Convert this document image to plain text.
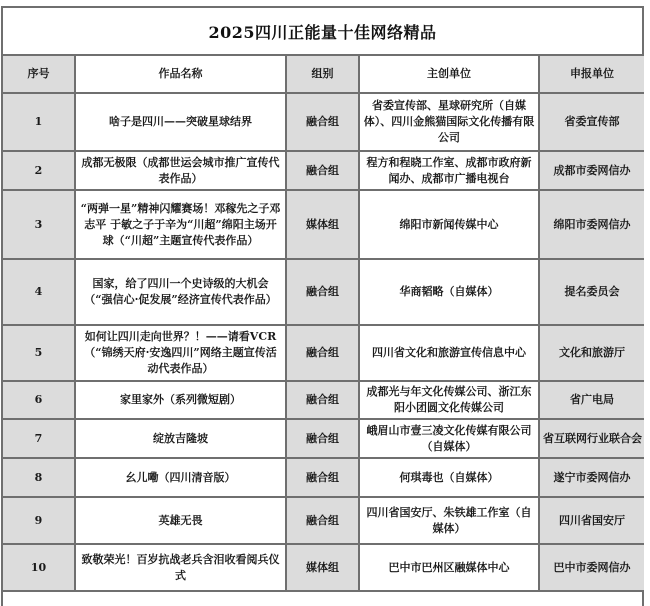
2025四川正能量十佳网络精品
序号	作品名称	组别	主创单位	申报单位
1	啥子是四川——突破星球结界	融合组	省委宣传部、星球研究所（自媒体）、四川金熊猫国际文化传播有限公司	省委宣传部
2	成都无极限（成都世运会城市推广宣传代表作品）	融合组	程方和程晓工作室、成都市政府新闻办、成都市广播电视台	成都市委网信办
3	“两弹一星”精神闪耀赛场！邓稼先之子邓志平 于敏之子于辛为“川超”绵阳主场开球（“川超”主题宣传代表作品）	媒体组	绵阳市新闻传媒中心	绵阳市委网信办
4	国家，给了四川一个史诗级的大机会（“强信心·促发展”经济宣传代表作品）	融合组	华商韬略（自媒体）	提名委员会
5	如何让四川走向世界？！——请看VCR（“锦绣天府·安逸四川”网络主题宣传活动代表作品）	融合组	四川省文化和旅游宣传信息中心	文化和旅游厅
6	家里家外（系列微短剧）	融合组	成都光与年文化传媒公司、浙江东阳小团圆文化传媒公司	省广电局
7	绽放吉隆坡	融合组	峨眉山市壹三凌文化传媒有限公司（自媒体）	省互联网行业联合会
8	幺儿嘞（四川清音版）	融合组	何琪毒也（自媒体）	遂宁市委网信办
9	英雄无畏	融合组	四川省国安厅、朱铁雄工作室（自媒体）	四川省国安厅
10	致敬荣光！百岁抗战老兵含泪收看阅兵仪式	媒体组	巴中市巴州区融媒体中心	巴中市委网信办
